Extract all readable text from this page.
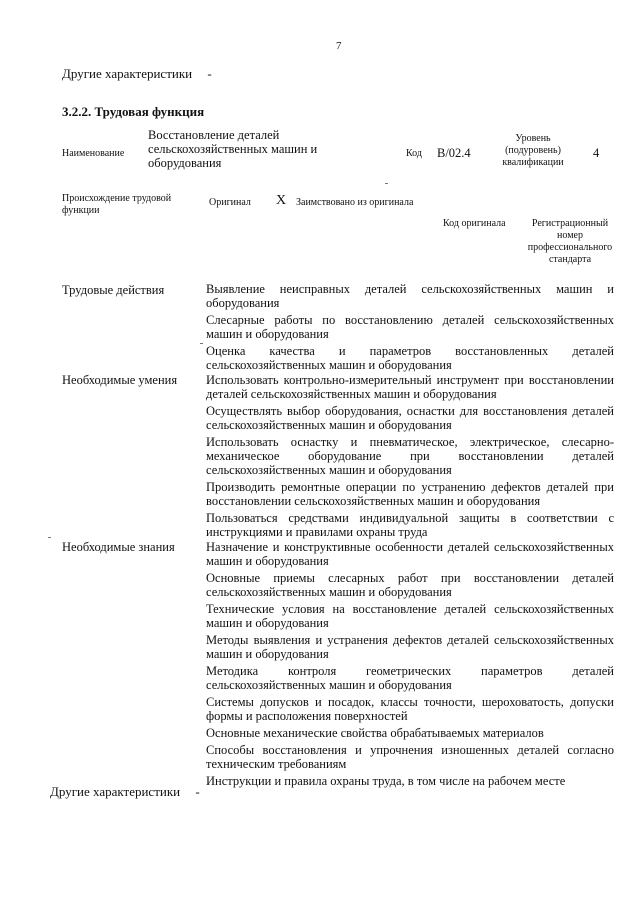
7
Другие характеристики -
3.2.2. Трудовая функция
Наименование
Восстановление деталей сельскохозяйственных машин и оборудования
Код B/02.4
Уровень (подуровень) квалификации
4
Происхождение трудовой функции
Оригинал X Заимствовано из оригинала
Код оригинала	Регистрационный номер профессионального стандарта
Трудовые действия	Выявление неисправных деталей сельскохозяйственных машин и оборудования
Слесарные работы по восстановлению деталей сельскохозяйственных машин и оборудования
Оценка качества и параметров восстановленных деталей сельскохозяйственных машин и оборудования
Необходимые умения	Использовать контрольно-измерительный инструмент при восстановлении деталей сельскохозяйственных машин и оборудования
Осуществлять выбор оборудования, оснастки для восстановления деталей сельскохозяйственных машин и оборудования
Использовать оснастку и пневматическое, электрическое, слесарно-механическое оборудование при восстановлении деталей сельскохозяйственных машин и оборудования
Производить ремонтные операции по устранению дефектов деталей при восстановлении сельскохозяйственных машин и оборудования
Пользоваться средствами индивидуальной защиты в соответствии с инструкциями и правилами охраны труда
Необходимые знания	Назначение и конструктивные особенности деталей сельскохозяйственных машин и оборудования
Основные приемы слесарных работ при восстановлении деталей сельскохозяйственных машин и оборудования
Технические условия на восстановление деталей сельскохозяйственных машин и оборудования
Методы выявления и устранения дефектов деталей сельскохозяйственных машин и оборудования
Методика контроля геометрических параметров деталей сельскохозяйственных машин и оборудования
Системы допусков и посадок, классы точности, шероховатость, допуски формы и расположения поверхностей
Основные механические свойства обрабатываемых материалов
Способы восстановления и упрочнения изношенных деталей согласно техническим требованиям
Инструкции и правила охраны труда, в том числе на рабочем месте
Другие характеристики -
